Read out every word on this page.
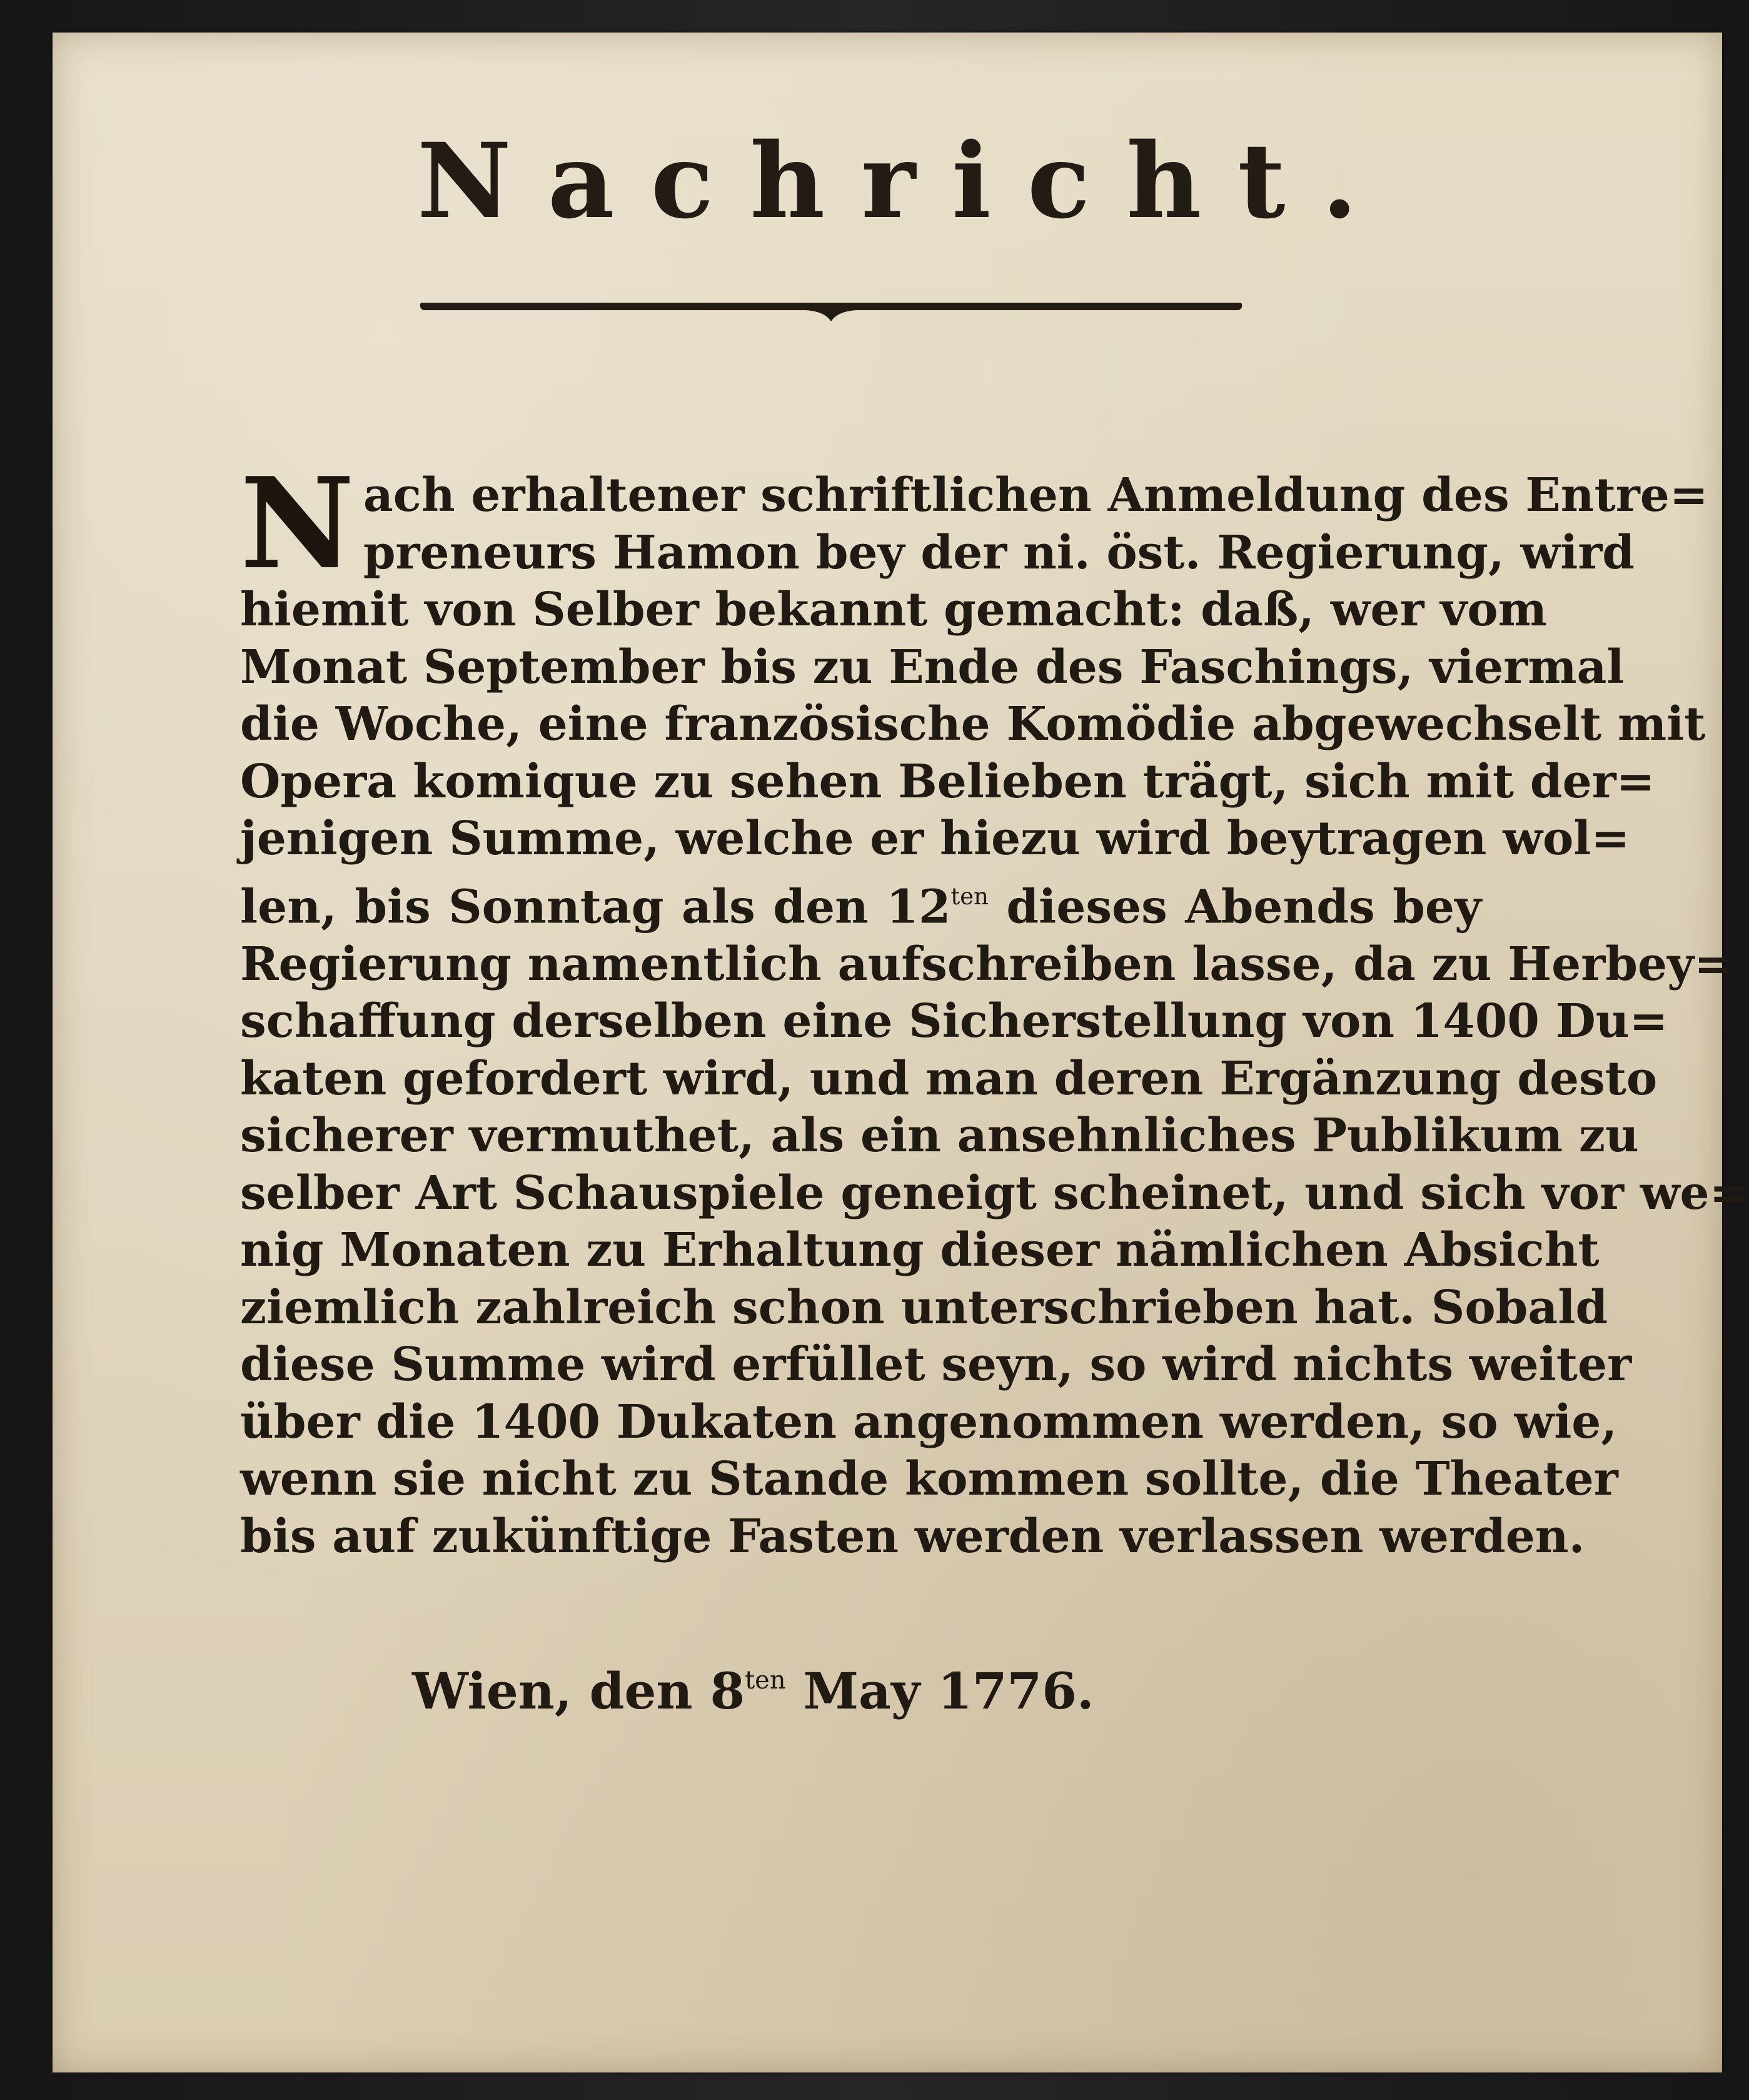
Nachricht.
N ach erhaltener schriftlichen Anmeldung des Entre=
preneurs Hamon bey der ni. öst. Regierung, wird
hiemit von Selber bekannt gemacht: daß, wer vom
Monat September bis zu Ende des Faschings, viermal
die Woche, eine französische Komödie abgewechselt mit
Opera komique zu sehen Belieben trägt, sich mit der=
jenigen Summe, welche er hiezu wird beytragen wol=
len, bis Sonntag als den $12^{ten}$ dieses Abends bey
Regierung namentlich aufschreiben lasse, da zu Herbey=
schaffung derselben eine Sicherstellung von 1400 Du=
katen gefordert wird, und man deren Ergänzung desto
sicherer vermuthet, als ein ansehnliches Publikum zu
selber Art Schauspiele geneigt scheinet, und sich vor we=
nig Monaten zu Erhaltung dieser nämlichen Absicht
ziemlich zahlreich schon unterschrieben hat. Sobald
diese Summe wird erfüllet seyn, so wird nichts weiter
über die 1400 Dukaten angenommen werden, so wie,
wenn sie nicht zu Stande kommen sollte, die Theater
bis auf zukünftige Fasten werden verlassen werden.
Wien, den $8^{ten}$ May 1776.
